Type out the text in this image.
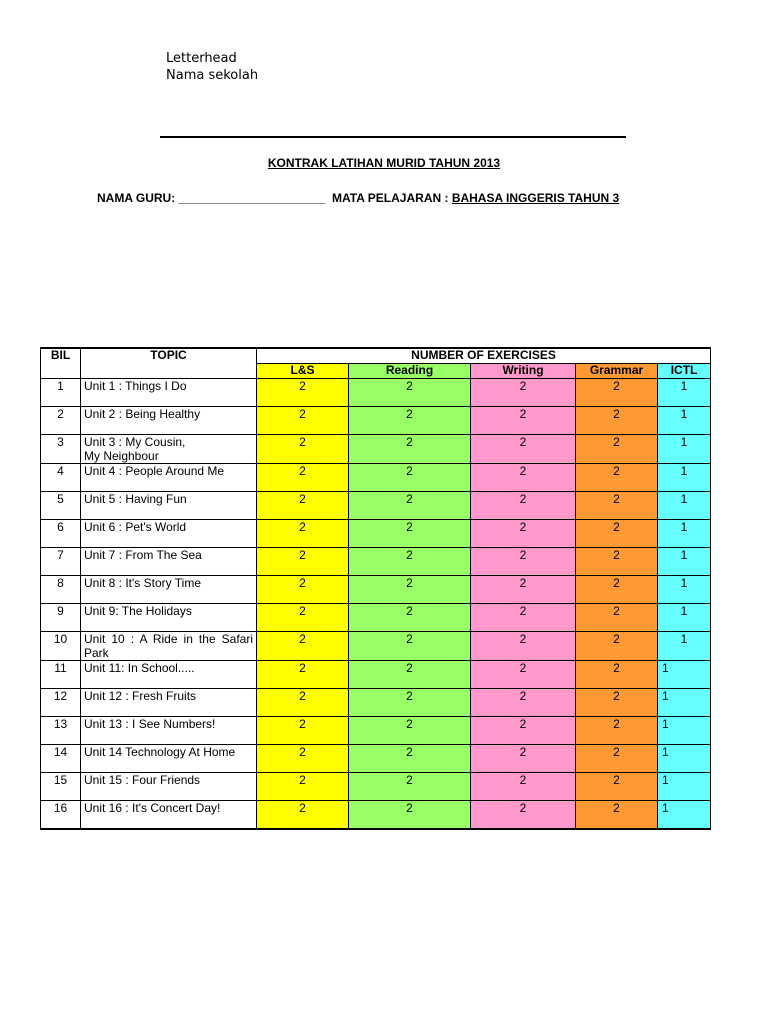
Letterhead
Nama sekolah
KONTRAK LATIHAN MURID TAHUN 2013
NAMA GURU: ______________________  MATA PELAJARAN : BAHASA INGGERIS TAHUN 3
BIL	TOPIC	NUMBER OF EXERCISES				
		L&S	Reading	Writing	Grammar	ICTL
1	Unit 1 : Things I Do	2	2	2	2	1
2	Unit 2 : Being Healthy	2	2	2	2	1
3	Unit 3 : My Cousin,
My Neighbour	2	2	2	2	1
4	Unit 4 : People Around Me	2	2	2	2	1
5	Unit 5 : Having Fun	2	2	2	2	1
6	Unit 6 : Pet's World	2	2	2	2	1
7	Unit 7 : From The Sea	2	2	2	2	1
8	Unit 8 : It's Story Time	2	2	2	2	1
9	Unit 9: The Holidays	2	2	2	2	1
10	Unit 10 : A Ride in the Safari Park	2	2	2	2	1
11	Unit 11: In School.....	2	2	2	2	1
12	Unit 12 : Fresh Fruits	2	2	2	2	1
13	Unit 13 : I See Numbers!	2	2	2	2	1
14	Unit 14 Technology At Home	2	2	2	2	1
15	Unit 15 : Four Friends	2	2	2	2	1
16	Unit 16 : It's Concert Day!	2	2	2	2	1
